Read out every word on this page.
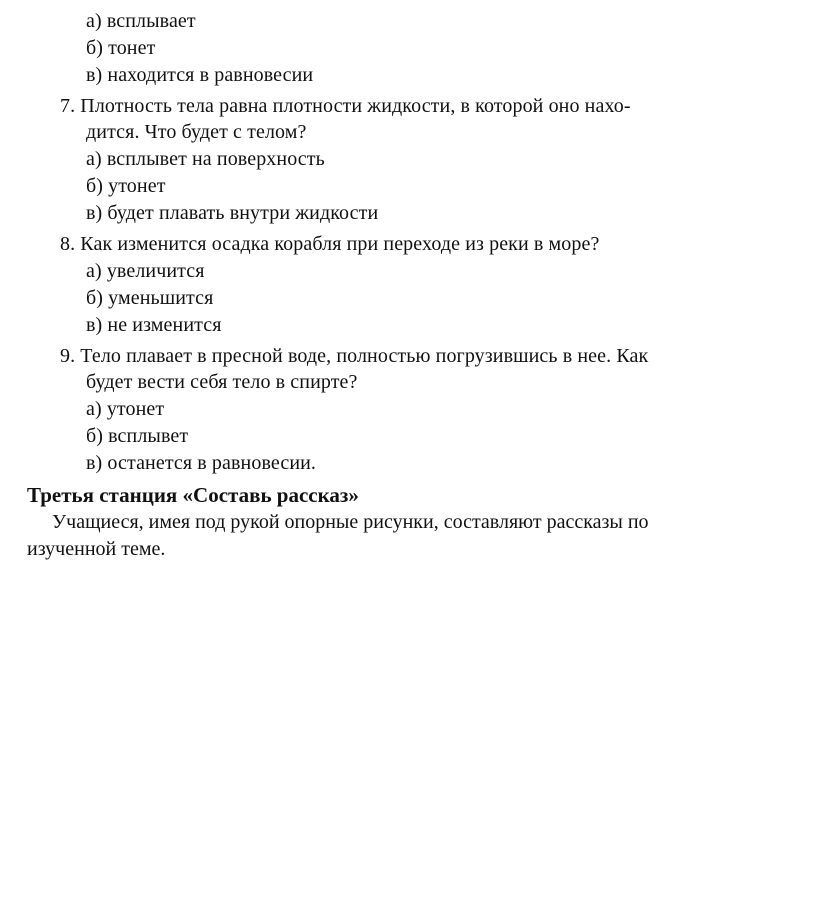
а) всплывает
б) тонет
в) находится в равновесии
7. Плотность тела равна плотности жидкости, в которой оно нахо-
дится. Что будет с телом?
а) всплывет на поверхность
б) утонет
в) будет плавать внутри жидкости
8. Как изменится осадка корабля при переходе из реки в море?
а) увеличится
б) уменьшится
в) не изменится
9. Тело плавает в пресной воде, полностью погрузившись в нее. Как
будет вести себя тело в спирте?
а) утонет
б) всплывет
в) останется в равновесии.
Третья станция «Составь рассказ»
Учащиеся, имея под рукой опорные рисунки, составляют рассказы по
изученной теме.
